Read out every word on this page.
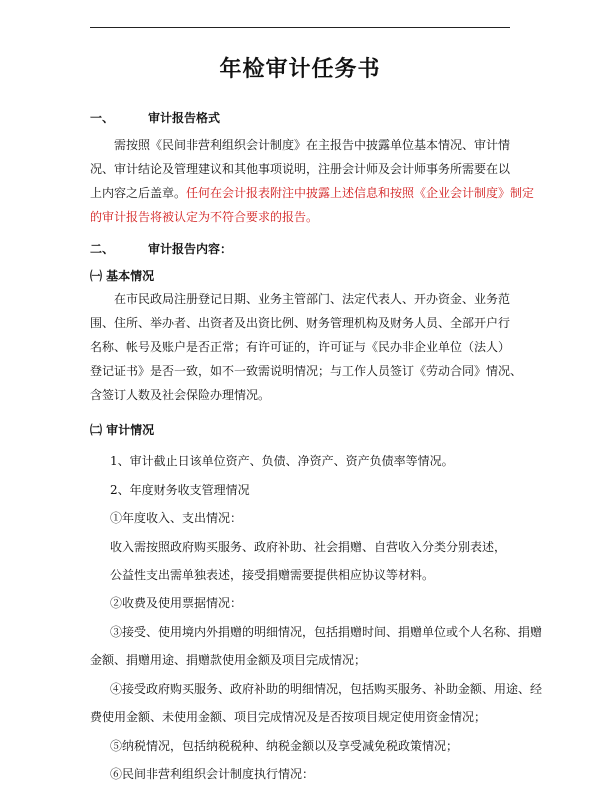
年检审计任务书
一、	审计报告格式
需按照《民间非营利组织会计制度》在主报告中披露单位基本情况、审计情
况、审计结论及管理建议和其他事项说明，注册会计师及会计师事务所需要在以
上内容之后盖章。任何在会计报表附注中披露上述信息和按照《企业会计制度》制定
的审计报告将被认定为不符合要求的报告。
二、	审计报告内容：
㈠ 基本情况
在市民政局注册登记日期、业务主管部门、法定代表人、开办资金、业务范
围、住所、举办者、出资者及出资比例、财务管理机构及财务人员、全部开户行
名称、帐号及账户是否正常；有许可证的，许可证与《民办非企业单位（法人）
登记证书》是否一致，如不一致需说明情况；与工作人员签订《劳动合同》情况、
含签订人数及社会保险办理情况。
㈡ 审计情况
1、审计截止日该单位资产、负债、净资产、资产负债率等情况。
2、年度财务收支管理情况
①年度收入、支出情况：
收入需按照政府购买服务、政府补助、社会捐赠、自营收入分类分别表述，
公益性支出需单独表述，接受捐赠需要提供相应协议等材料。
②收费及使用票据情况：
③接受、使用境内外捐赠的明细情况，包括捐赠时间、捐赠单位或个人名称、捐赠
金额、捐赠用途、捐赠款使用金额及项目完成情况；
④接受政府购买服务、政府补助的明细情况，包括购买服务、补助金额、用途、经
费使用金额、未使用金额、项目完成情况及是否按项目规定使用资金情况；
⑤纳税情况，包括纳税税种、纳税金额以及享受减免税政策情况；
⑥民间非营利组织会计制度执行情况：
